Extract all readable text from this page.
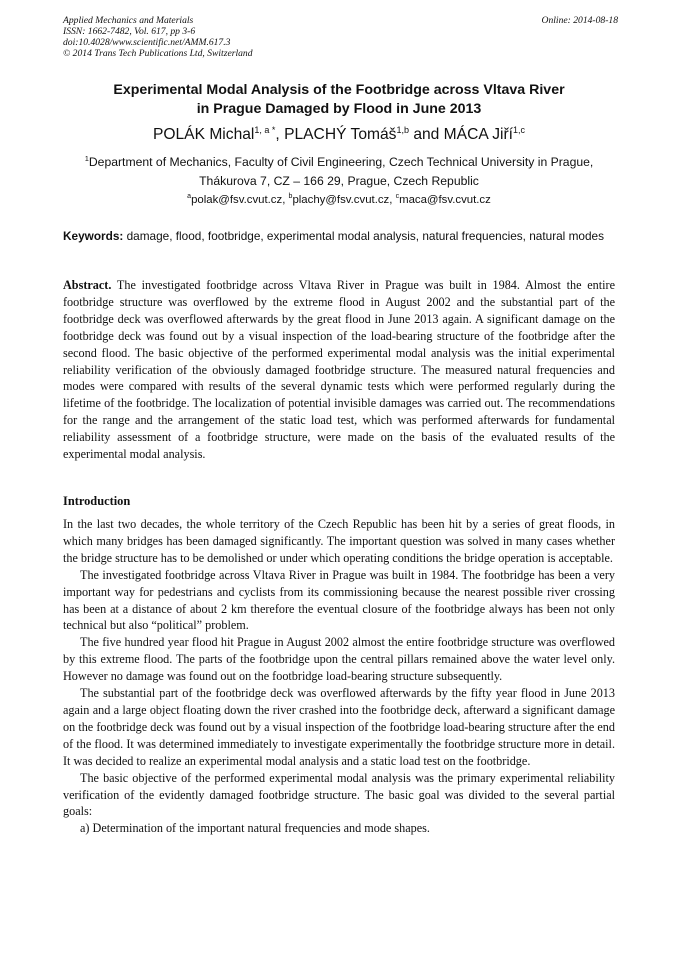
Applied Mechanics and Materials
ISSN: 1662-7482, Vol. 617, pp 3-6
doi:10.4028/www.scientific.net/AMM.617.3
© 2014 Trans Tech Publications Ltd, Switzerland
Online: 2014-08-18
Experimental Modal Analysis of the Footbridge across Vltava River
in Prague Damaged by Flood in June 2013
POLÁK Michal$^{1, a *}$, PLACHÝ Tomáš$^{1,b}$ and MÁCA Jiří$^{1,c}$
$^1$Department of Mechanics, Faculty of Civil Engineering, Czech Technical University in Prague,
Thákurova 7, CZ – 166 29, Prague, Czech Republic
$^a$polak@fsv.cvut.cz, $^b$plachy@fsv.cvut.cz, $^c$maca@fsv.cvut.cz
Keywords: damage, flood, footbridge, experimental modal analysis, natural frequencies, natural modes
Abstract. The investigated footbridge across Vltava River in Prague was built in 1984. Almost the entire footbridge structure was overflowed by the extreme flood in August 2002 and the substantial part of the footbridge deck was overflowed afterwards by the great flood in June 2013 again. A significant damage on the footbridge deck was found out by a visual inspection of the load-bearing structure of the footbridge after the second flood. The basic objective of the performed experimental modal analysis was the initial experimental reliability verification of the obviously damaged footbridge structure. The measured natural frequencies and modes were compared with results of the several dynamic tests which were performed regularly during the lifetime of the footbridge. The localization of potential invisible damages was carried out. The recommendations for the range and the arrangement of the static load test, which was performed afterwards for fundamental reliability assessment of a footbridge structure, were made on the basis of the evaluated results of the experimental modal analysis.
Introduction

In the last two decades, the whole territory of the Czech Republic has been hit by a series of great floods, in which many bridges has been damaged significantly. The important question was solved in many cases whether the bridge structure has to be demolished or under which operating conditions the bridge operation is acceptable.

The investigated footbridge across Vltava River in Prague was built in 1984. The footbridge has been a very important way for pedestrians and cyclists from its commissioning because the nearest possible river crossing has been at a distance of about 2 km therefore the eventual closure of the footbridge always has been not only technical but also “political” problem.

The five hundred year flood hit Prague in August 2002 almost the entire footbridge structure was overflowed by this extreme flood. The parts of the footbridge upon the central pillars remained above the water level only. However no damage was found out on the footbridge load-bearing structure subsequently.

The substantial part of the footbridge deck was overflowed afterwards by the fifty year flood in June 2013 again and a large object floating down the river crashed into the footbridge deck, afterward a significant damage on the footbridge deck was found out by a visual inspection of the footbridge load-bearing structure after the end of the flood. It was determined immediately to investigate experimentally the footbridge structure more in detail. It was decided to realize an experimental modal analysis and a static load test on the footbridge.

The basic objective of the performed experimental modal analysis was the primary experimental reliability verification of the evidently damaged footbridge structure. The basic goal was divided to the several partial goals:

a) Determination of the important natural frequencies and mode shapes.
